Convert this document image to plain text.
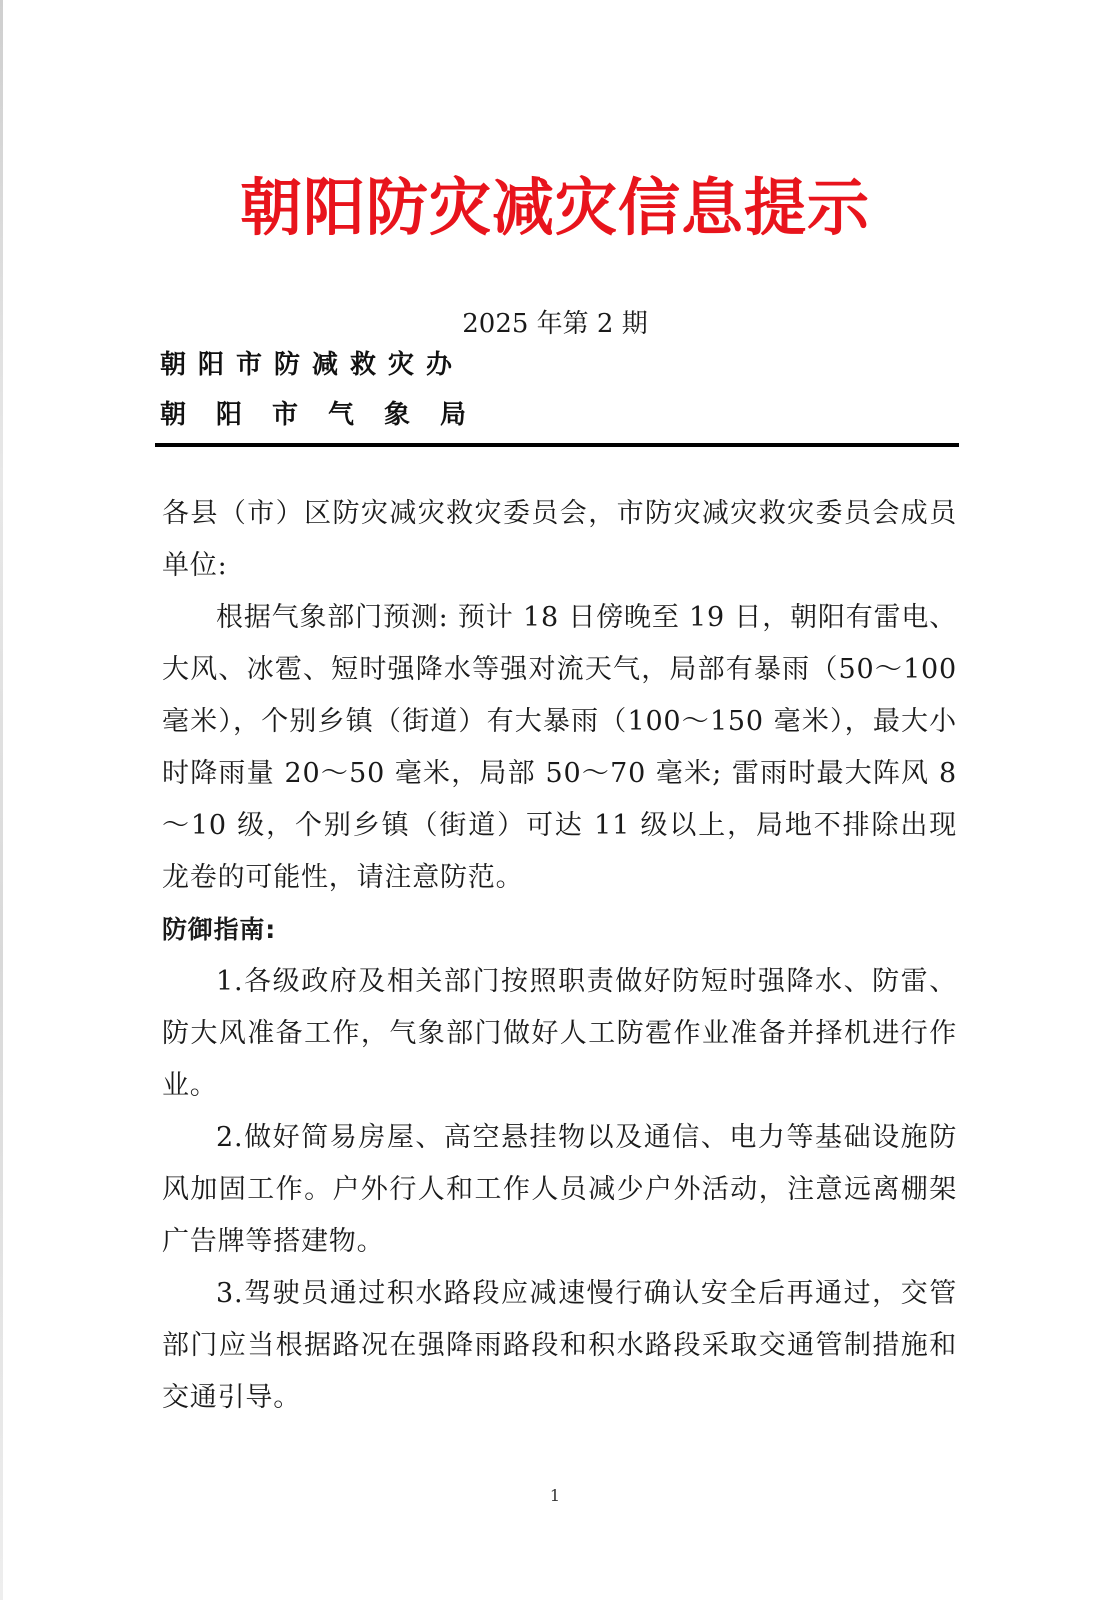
朝阳防灾减灾信息提示
2025 年第 2 期
朝阳市防减救灾办
朝阳市气象局

各县（市）区防灾减灾救灾委员会，市防灾减灾救灾委员会成员单位:

根据气象部门预测: 预计 18 日傍晚至 19 日，朝阳有雷电、大风、冰雹、短时强降水等强对流天气，局部有暴雨（50～100 毫米），个别乡镇（街道）有大暴雨（100～150 毫米），最大小时降雨量 20～50 毫米，局部 50～70 毫米; 雷雨时最大阵风 8～10 级，个别乡镇（街道）可达 11 级以上，局地不排除出现龙卷的可能性，请注意防范。

防御指南:

1.各级政府及相关部门按照职责做好防短时强降水、防雷、防大风准备工作，气象部门做好人工防雹作业准备并择机进行作业。

2.做好简易房屋、高空悬挂物以及通信、电力等基础设施防风加固工作。户外行人和工作人员减少户外活动，注意远离棚架广告牌等搭建物。

3.驾驶员通过积水路段应减速慢行确认安全后再通过，交管部门应当根据路况在强降雨路段和积水路段采取交通管制措施和交通引导。

1
